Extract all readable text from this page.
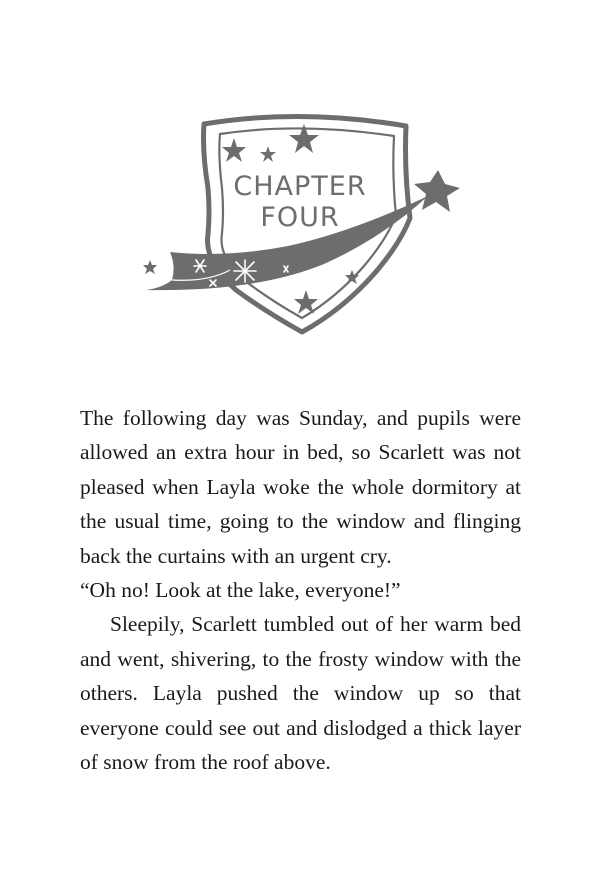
CHAPTER
FOUR

The following day was Sunday, and pupils were allowed an extra hour in bed, so Scarlett was not pleased when Layla woke the whole dormitory at the usual time, going to the window and flinging back the curtains with an urgent cry.

“Oh no! Look at the lake, everyone!”

Sleepily, Scarlett tumbled out of her warm bed and went, shivering, to the frosty window with the others. Layla pushed the window up so that everyone could see out and dislodged a thick layer of snow from the roof above.
